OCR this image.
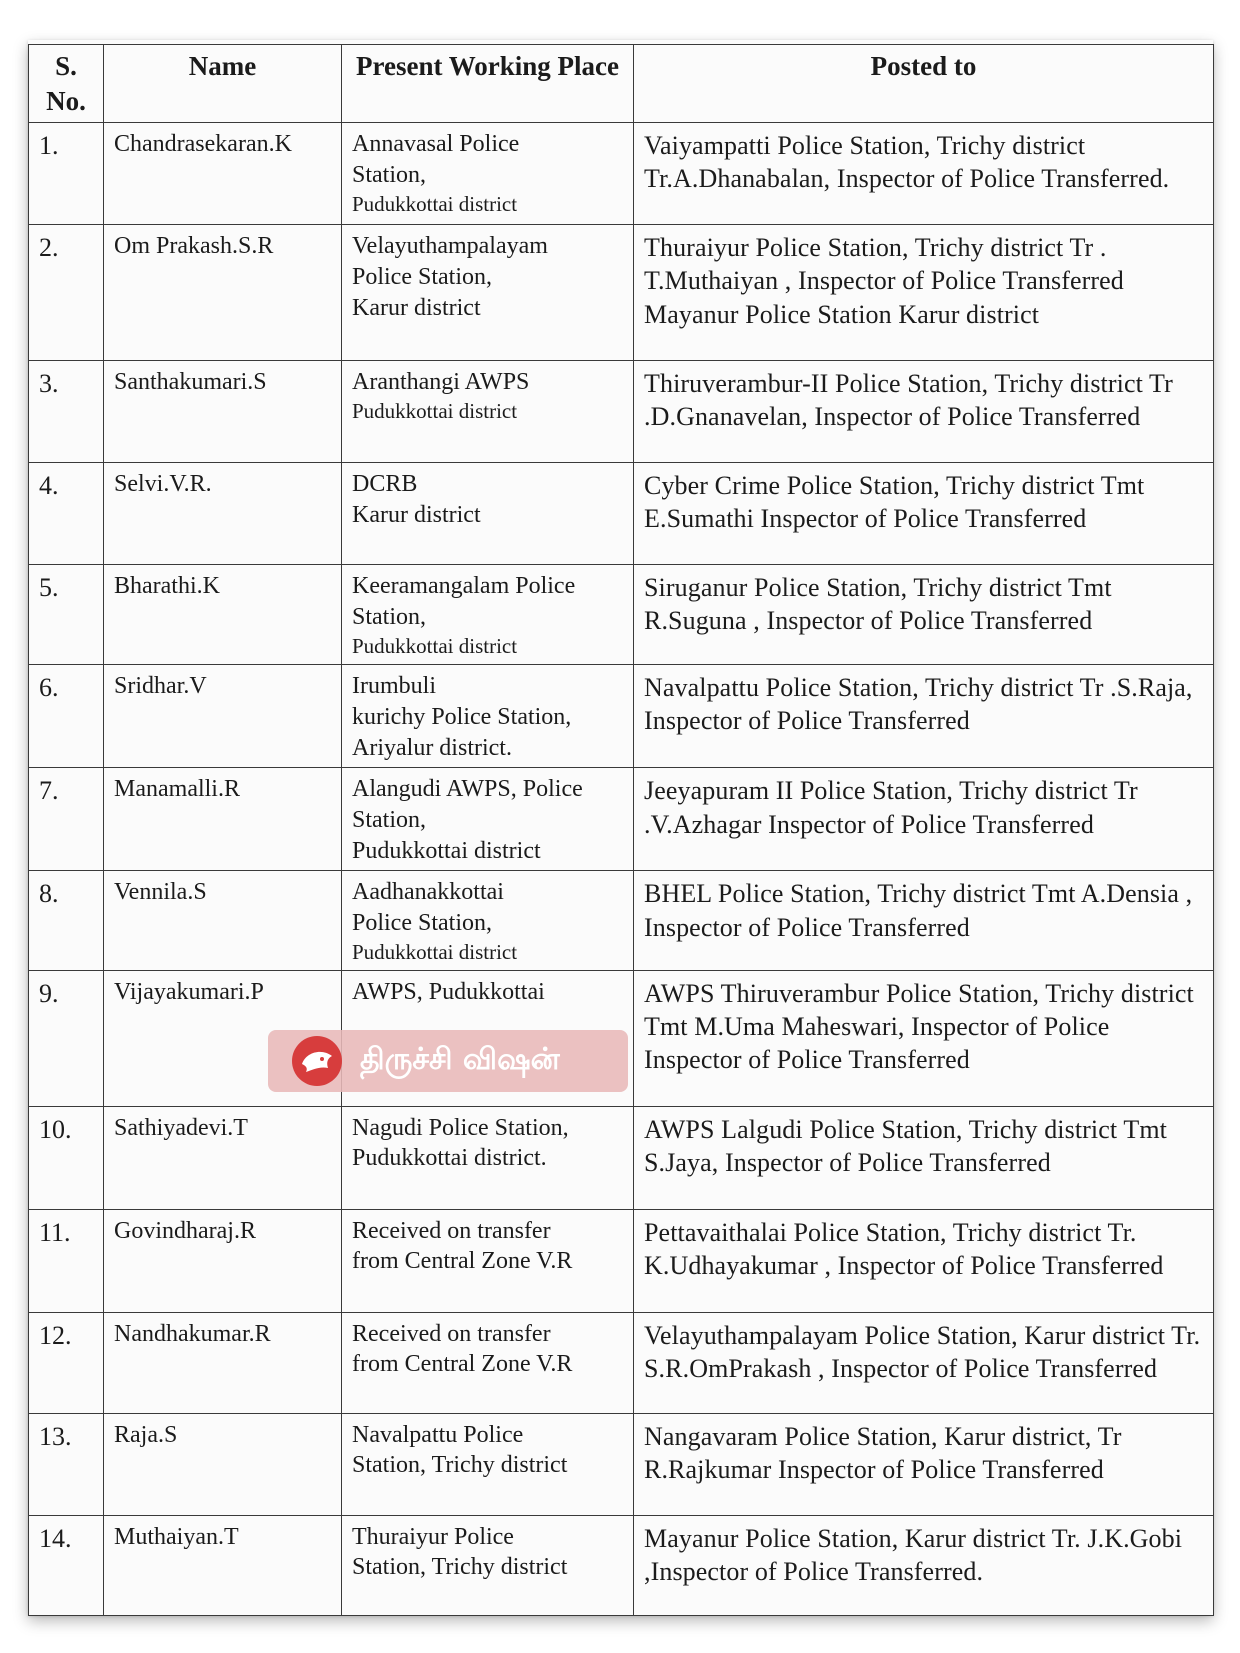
S. No.	Name	Present Working Place	Posted to
1.	Chandrasekaran.K	Annavasal Police
Station,
Pudukkottai district	Vaiyampatti Police Station, Trichy district Tr.A.Dhanabalan, Inspector of Police Transferred.
2.	Om Prakash.S.R	Velayuthampalayam
Police Station,
Karur district	Thuraiyur Police Station, Trichy district Tr . T.Muthaiyan , Inspector of Police Transferred Mayanur Police Station Karur district
3.	Santhakumari.S	Aranthangi AWPS
Pudukkottai district	Thiruverambur-II Police Station, Trichy district Tr .D.Gnanavelan, Inspector of Police Transferred
4.	Selvi.V.R.	DCRB
Karur district	Cyber Crime Police Station, Trichy district Tmt E.Sumathi Inspector of Police Transferred
5.	Bharathi.K	Keeramangalam Police
Station,
Pudukkottai district	Siruganur Police Station, Trichy district Tmt R.Suguna , Inspector of Police Transferred
6.	Sridhar.V	Irumbuli
kurichy Police Station,
Ariyalur district.	Navalpattu Police Station, Trichy district Tr .S.Raja, Inspector of Police Transferred
7.	Manamalli.R	Alangudi AWPS, Police
Station,
Pudukkottai district	Jeeyapuram II Police Station, Trichy district Tr .V.Azhagar Inspector of Police Transferred
8.	Vennila.S	Aadhanakkottai
Police Station,
Pudukkottai district	BHEL Police Station, Trichy district Tmt A.Densia , Inspector of Police Transferred
9.	Vijayakumari.P	AWPS, Pudukkottai	AWPS Thiruverambur Police Station, Trichy district Tmt M.Uma Maheswari, Inspector of Police Inspector of Police Transferred
10.	Sathiyadevi.T	Nagudi Police Station,
Pudukkottai district.	AWPS Lalgudi Police Station, Trichy district Tmt S.Jaya, Inspector of Police Transferred
11.	Govindharaj.R	Received on transfer
from Central Zone V.R	Pettavaithalai Police Station, Trichy district Tr. K.Udhayakumar , Inspector of Police Transferred
12.	Nandhakumar.R	Received on transfer
from Central Zone V.R	Velayuthampalayam Police Station, Karur district Tr. S.R.OmPrakash , Inspector of Police Transferred
13.	Raja.S	Navalpattu Police
Station, Trichy district	Nangavaram Police Station, Karur district, Tr R.Rajkumar Inspector of Police Transferred
14.	Muthaiyan.T	Thuraiyur Police
Station, Trichy district	Mayanur Police Station, Karur district Tr. J.K.Gobi ,Inspector of Police Transferred.
திருச்சி விஷன்
